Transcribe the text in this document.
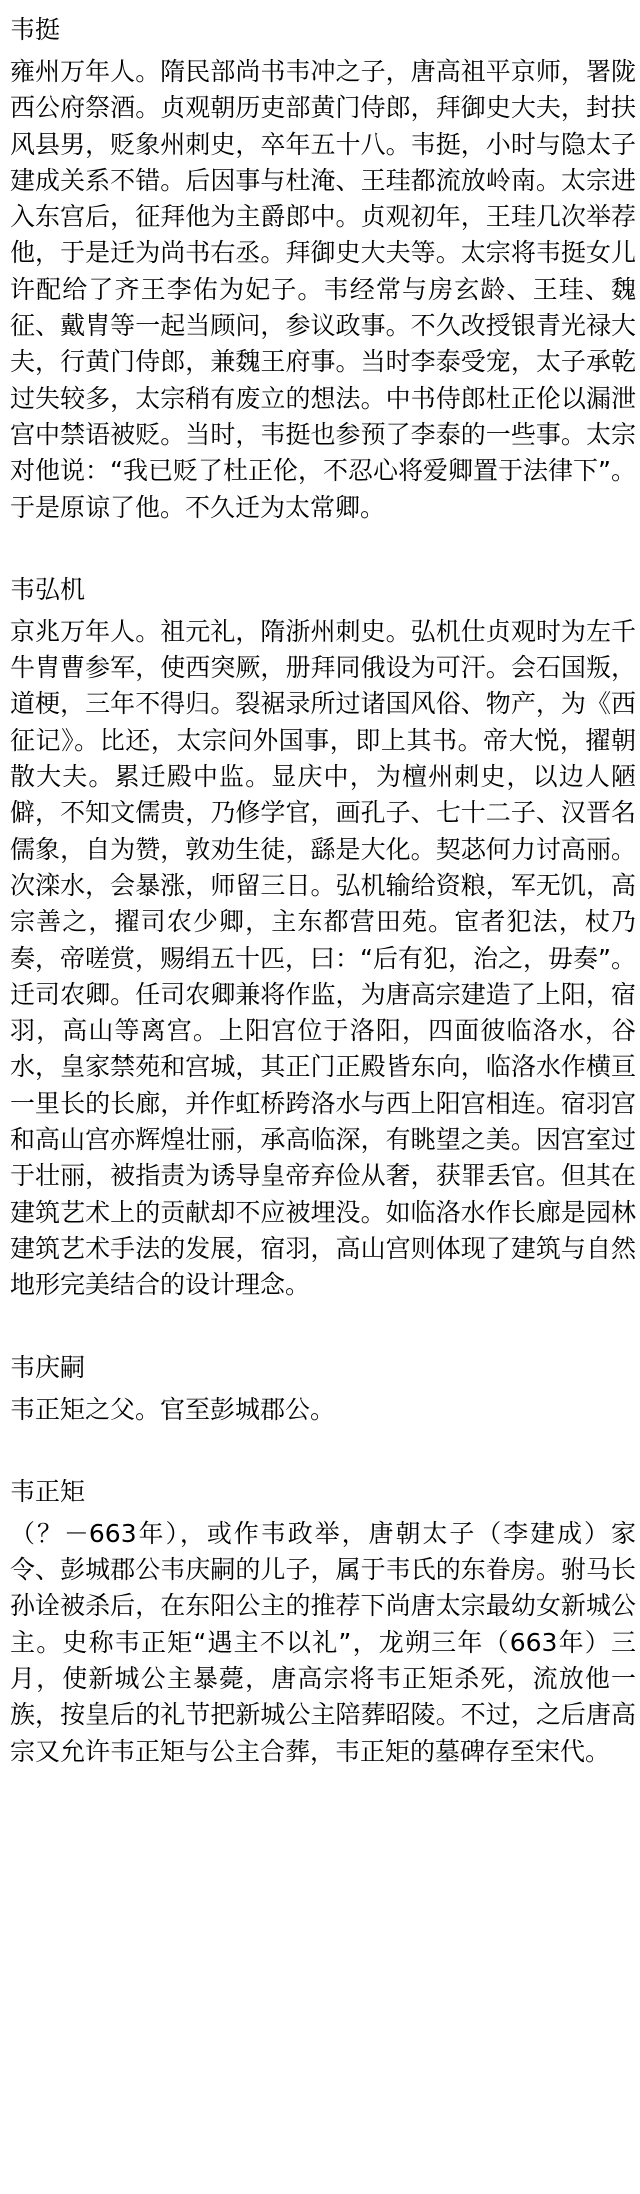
韦挺
雍州万年人。隋民部尚书韦冲之子，唐高祖平京师，署陇西公府祭酒。贞观朝历吏部黄门侍郎，拜御史大夫，封扶风县男，贬象州刺史，卒年五十八。韦挺，小时与隐太子建成关系不错。后因事与杜淹、王珪都流放岭南。太宗进入东宫后，征拜他为主爵郎中。贞观初年，王珪几次举荐他，于是迁为尚书右丞。拜御史大夫等。太宗将韦挺女儿许配给了齐王李佑为妃子。韦经常与房玄龄、王珪、魏征、戴胄等一起当顾问，参议政事。不久改授银青光禄大夫，行黄门侍郎，兼魏王府事。当时李泰受宠，太子承乾过失较多，太宗稍有废立的想法。中书侍郎杜正伦以漏泄宫中禁语被贬。当时，韦挺也参预了李泰的一些事。太宗对他说：“我已贬了杜正伦，不忍心将爱卿置于法律下”。于是原谅了他。不久迁为太常卿。
韦弘机
京兆万年人。祖元礼，隋浙州刺史。弘机仕贞观时为左千牛胄曹参军，使西突厥，册拜同俄设为可汗。会石国叛，道梗，三年不得归。裂裾录所过诸国风俗、物产，为《西征记》。比还，太宗问外国事，即上其书。帝大悦，擢朝散大夫。累迁殿中监。显庆中，为檀州刺史，以边人陋僻，不知文儒贵，乃修学官，画孔子、七十二子、汉晋名儒象，自为赞，敦劝生徒，繇是大化。契苾何力讨高丽。次滦水，会暴涨，师留三日。弘机输给资粮，军无饥，高宗善之，擢司农少卿，主东都营田苑。宦者犯法，杖乃奏，帝嗟赏，赐绢五十匹，曰：“后有犯，治之，毋奏”。迁司农卿。任司农卿兼将作监，为唐高宗建造了上阳，宿羽，高山等离宫。上阳宫位于洛阳，四面彼临洛水，谷水，皇家禁苑和宫城，其正门正殿皆东向，临洛水作横亘一里长的长廊，并作虹桥跨洛水与西上阳宫相连。宿羽宫和高山宫亦辉煌壮丽，承高临深，有眺望之美。因宫室过于壮丽，被指责为诱导皇帝弃俭从奢，获罪丢官。但其在建筑艺术上的贡献却不应被埋没。如临洛水作长廊是园林建筑艺术手法的发展，宿羽，高山宫则体现了建筑与自然地形完美结合的设计理念。
韦庆嗣
韦正矩之父。官至彭城郡公。
韦正矩
（？－663年），或作韦政举，唐朝太子（李建成）家令、彭城郡公韦庆嗣的儿子，属于韦氏的东眷房。驸马长孙诠被杀后，在东阳公主的推荐下尚唐太宗最幼女新城公主。史称韦正矩“遇主不以礼”，龙朔三年（663年）三月，使新城公主暴薨，唐高宗将韦正矩杀死，流放他一族，按皇后的礼节把新城公主陪葬昭陵。不过，之后唐高宗又允许韦正矩与公主合葬，韦正矩的墓碑存至宋代。
